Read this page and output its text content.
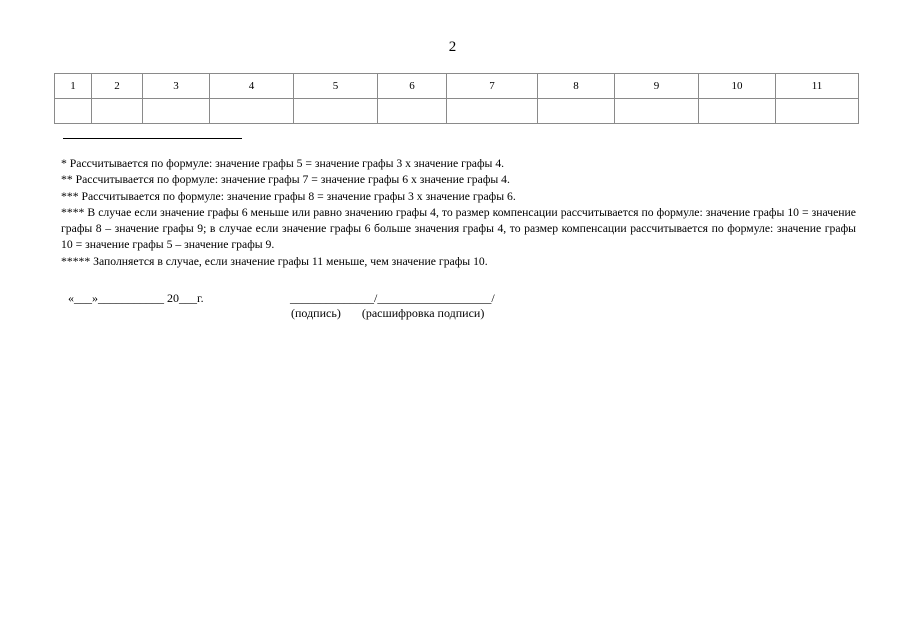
2
1	2	3	4	5	6	7	8	9	10	11

* Рассчитывается по формуле: значение графы 5 = значение графы 3 х значение графы 4.

** Рассчитывается по формуле: значение графы 7 = значение графы 6 х значение графы 4.

*** Рассчитывается по формуле: значение графы 8 = значение графы 3 х значение графы 6.

**** В случае если значение графы 6 меньше или равно значению графы 4, то размер компенсации рассчитывается по формуле: значение графы 10 = значение графы 8 – значение графы 9; в случае если значение графы 6 больше значения графы 4, то размер компенсации рассчитывается по формуле: значение графы 10 = значение графы 5 – значение графы 9.

***** Заполняется в случае, если значение графы 11 меньше, чем значение графы 10.

«___»___________ 20___г.	______________/___________________/
(подпись)       (расшифровка подписи)
